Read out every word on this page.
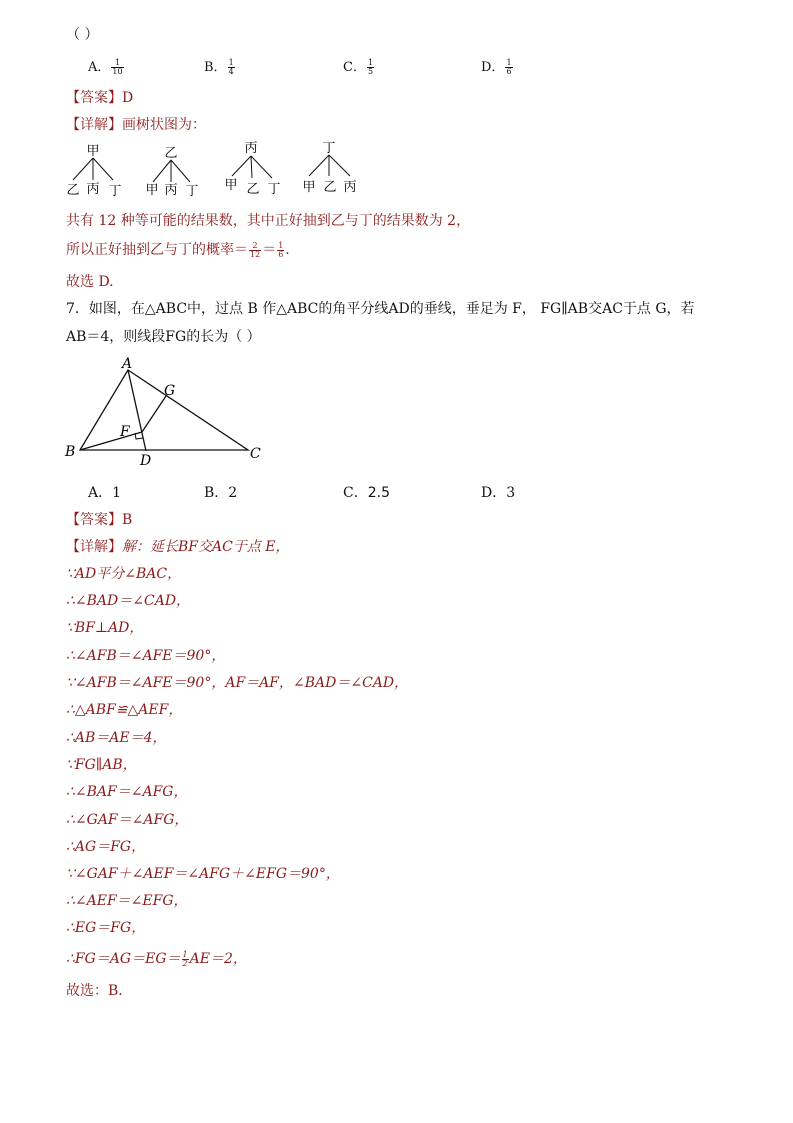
（ ）
A． $\frac{1}{10}$	B． $\frac{1}{4}$	C． $\frac{1}{5}$	D． $\frac{1}{6}$
【答案】D
【详解】画树状图为：
甲
乙 丙 丁
乙
甲 丙 丁
丙
甲 乙 丁
丁
甲 乙 丙
共有 12 种等可能的结果数，其中正好抽到乙与丁的结果数为 2，
所以正好抽到乙与丁的概率＝ $\frac{2}{12} = \frac{1}{6}$ .
故选 D.
7．如图，在△ABC中，过点 B 作△ABC的角平分线AD的垂线，垂足为 F， FG∥AB交AC于点 G，若
AB＝4，则线段FG的长为（ ）
A
B	C
D
F
G
A．1	B．2	C．2.5	D．3
【答案】B
【详解】解：延长BF交AC于点 E，
∵AD平分∠BAC，
∴∠BAD＝∠CAD，
∵BF⊥AD，
∴∠AFB＝∠AFE＝90°，
∵∠AFB＝∠AFE＝90°，AF＝AF，∠BAD＝∠CAD，
∴△ABF≌△AEF，
∴AB＝AE＝4，
∵FG∥AB，
∴∠BAF＝∠AFG，
∴∠GAF＝∠AFG，
∴AG＝FG，
∵∠GAF＋∠AEF＝∠AFG＋∠EFG＝90°，
∴∠AEF＝∠EFG，
∴EG＝FG，
∴FG＝AG＝EG＝ $\frac{1}{2} AE=2$，
故选：B．
